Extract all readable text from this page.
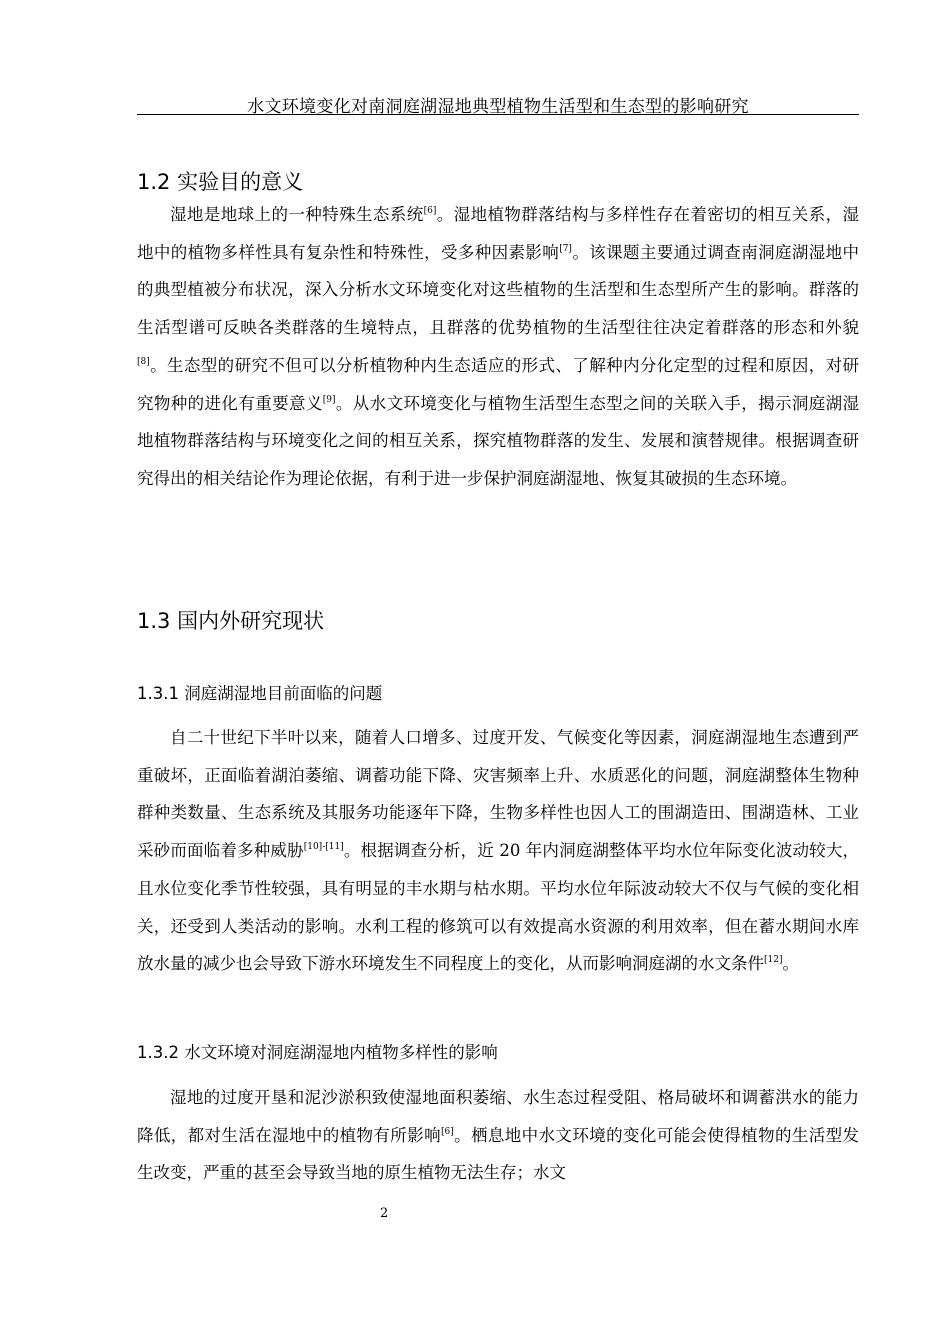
水文环境变化对南洞庭湖湿地典型植物生活型和生态型的影响研究
1.2 实验目的意义

湿地是地球上的一种特殊生态系统[6]。湿地植物群落结构与多样性存在着密切的相互关系，湿地中的植物多样性具有复杂性和特殊性，受多种因素影响[7]。该课题主要通过调查南洞庭湖湿地中的典型植被分布状况，深入分析水文环境变化对这些植物的生活型和生态型所产生的影响。群落的生活型谱可反映各类群落的生境特点，且群落的优势植物的生活型往往决定着群落的形态和外貌[8]。生态型的研究不但可以分析植物种内生态适应的形式、了解种内分化定型的过程和原因，对研究物种的进化有重要意义[9]。从水文环境变化与植物生活型生态型之间的关联入手，揭示洞庭湖湿地植物群落结构与环境变化之间的相互关系，探究植物群落的发生、发展和演替规律。根据调查研究得出的相关结论作为理论依据，有利于进一步保护洞庭湖湿地、恢复其破损的生态环境。

1.3 国内外研究现状
1.3.1 洞庭湖湿地目前面临的问题

自二十世纪下半叶以来，随着人口增多、过度开发、气候变化等因素，洞庭湖湿地生态遭到严重破坏，正面临着湖泊萎缩、调蓄功能下降、灾害频率上升、水质恶化的问题，洞庭湖整体生物种群种类数量、生态系统及其服务功能逐年下降，生物多样性也因人工的围湖造田、围湖造林、工业采砂而面临着多种威胁[10]-[11]。根据调查分析，近 20 年内洞庭湖整体平均水位年际变化波动较大，且水位变化季节性较强，具有明显的丰水期与枯水期。平均水位年际波动较大不仅与气候的变化相关，还受到人类活动的影响。水利工程的修筑可以有效提高水资源的利用效率，但在蓄水期间水库放水量的减少也会导致下游水环境发生不同程度上的变化，从而影响洞庭湖的水文条件[12]。

1.3.2 水文环境对洞庭湖湿地内植物多样性的影响

湿地的过度开垦和泥沙淤积致使湿地面积萎缩、水生态过程受阻、格局破坏和调蓄洪水的能力降低，都对生活在湿地中的植物有所影响[6]。栖息地中水文环境的变化可能会使得植物的生活型发生改变，严重的甚至会导致当地的原生植物无法生存；水文

2
